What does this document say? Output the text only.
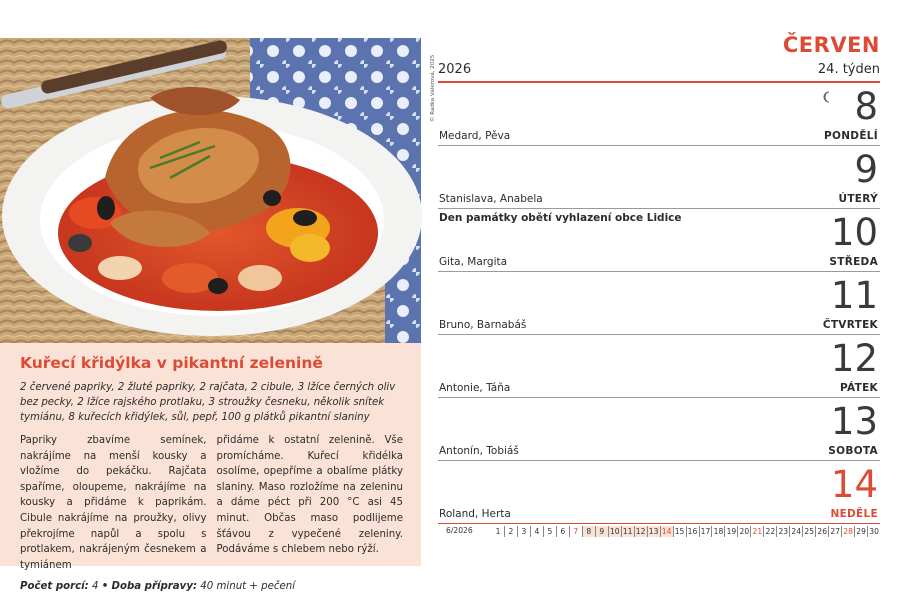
© Radka Valerová, 2025
Kuřecí křidýlka v pikantní zelenině
2 červené papriky, 2 žluté papriky, 2 rajčata, 2 cibule, 3 lžíce černých oliv bez pecky, 2 lžíce rajského protlaku, 3 stroužky česneku, několik snítek tymiánu, 8 kuřecích křidýlek, sůl, pepř, 100 g plátků pikantní slaniny

Papriky zbavíme semínek, nakrájíme na menší kousky a vložíme do pekáčku. Rajčata spaříme, oloupeme, nakrájíme na kousky a přidáme k paprikám. Cibule nakrájíme na proužky, olivy překrojíme napůl a spolu s protlakem, nakrájeným česnekem a tymiánem

přidáme k ostatní zelenině. Vše promícháme. Kuřecí křidélka osolíme, opepříme a obalíme plátky slaniny. Maso rozložíme na zeleninu a dáme péct při 200 °C asi 45 minut. Občas maso podlijeme šťávou z vypečené zeleniny. Podáváme s chlebem nebo rýží.

Počet porcí: 4 • Doba přípravy: 40 minut + pečení
ČERVEN
2026	24. týden
8
PONDĚLÍ
Medard, Pěva
9
ÚTERÝ
Stanislava, Anabela
10
STŘEDA
Gita, Margita
Den památky obětí vyhlazení obce Lidice
11
ČTVRTEK
Bruno, Barnabáš
12
PÁTEK
Antonie, Táňa
13
SOBOTA
Antonín, Tobiáš
14
NEDĚLE
Roland, Herta
6/2026	1	2	3	4	5	6	7	8	9 10 11 12 13 14 15 16 17 18 19 20 21 22 23 24 25 26 27 28 29 30
